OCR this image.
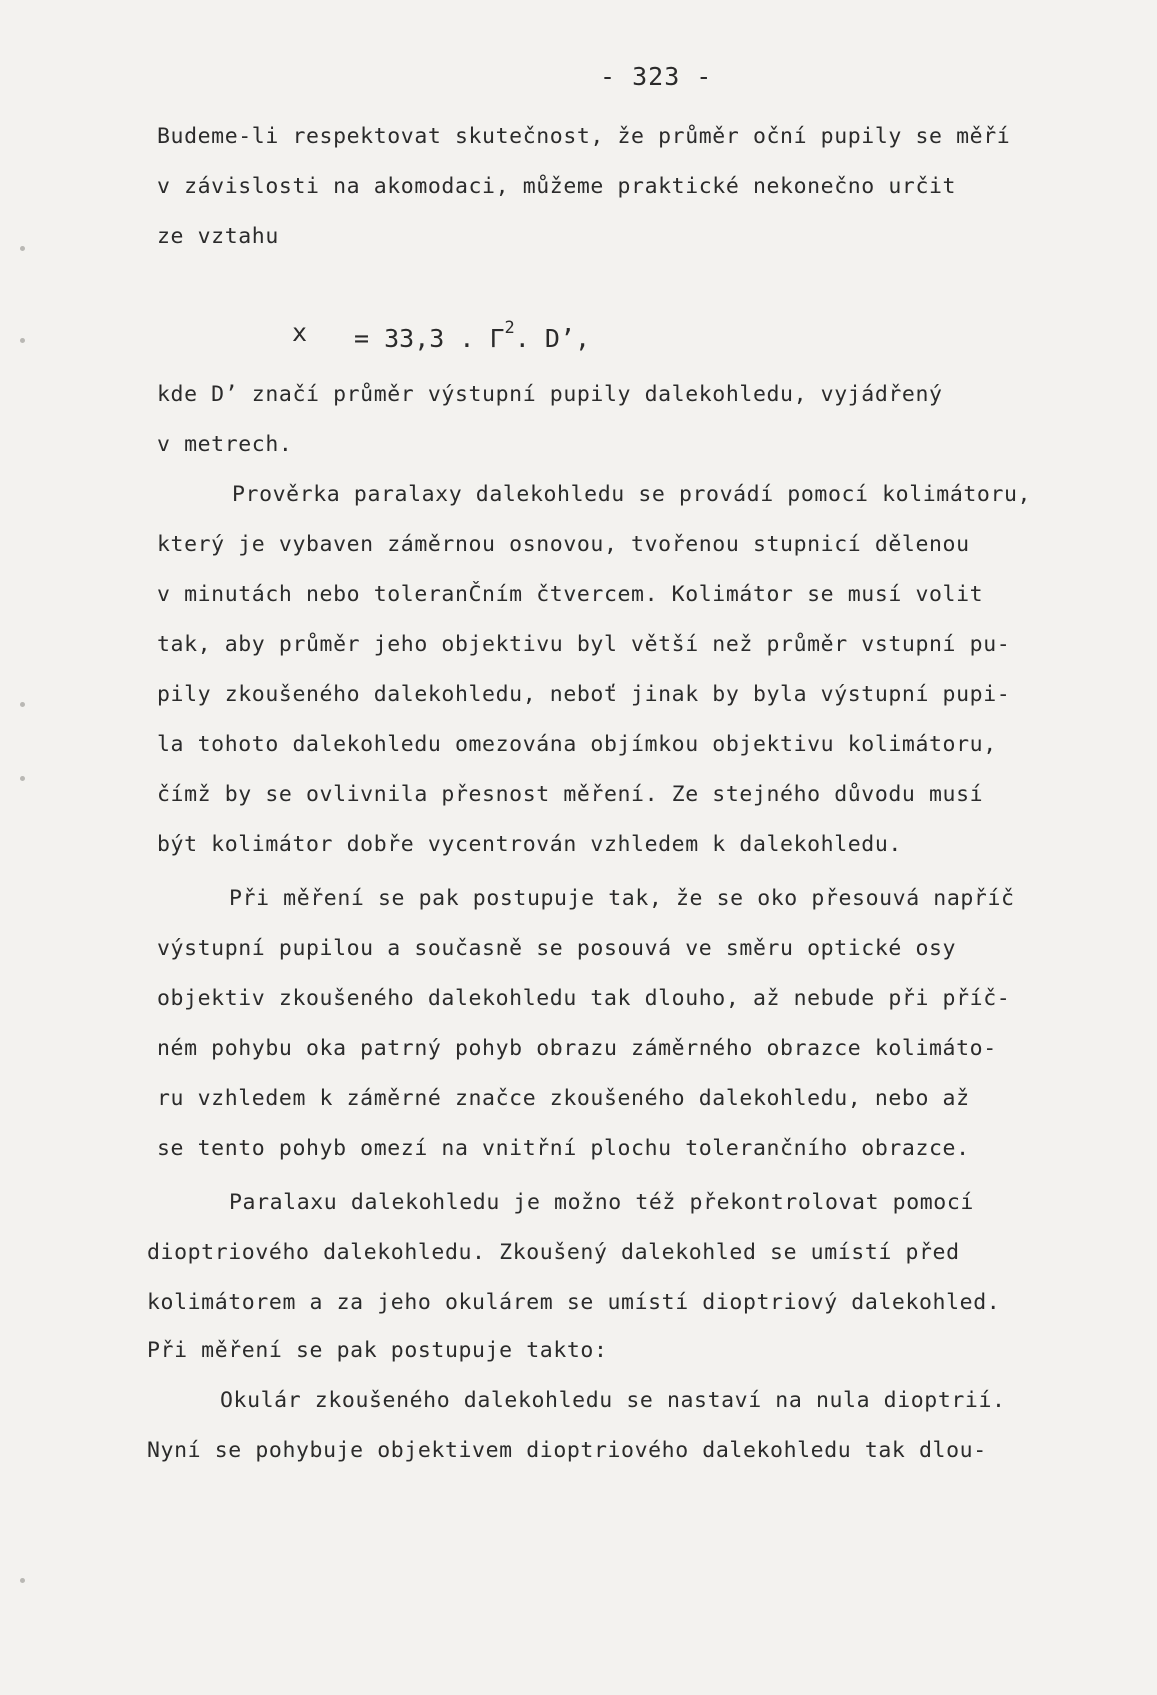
- 323 -
Budeme-li respektovat skutečnost, že průměr oční pupily se měří
v závislosti na akomodaci, můžeme praktické nekonečno určit
ze vztahu
x = 33,3 . $\Gamma^2$. D’,
kde D’ značí průměr výstupní pupily dalekohledu, vyjádřený
v metrech.
Prověrka paralaxy dalekohledu se provádí pomocí kolimátoru,
který je vybaven záměrnou osnovou, tvořenou stupnicí dělenou
v minutách nebo toleranČním čtvercem. Kolimátor se musí volit
tak, aby průměr jeho objektivu byl větší než průměr vstupní pu-
pily zkoušeného dalekohledu, neboť jinak by byla výstupní pupi-
la tohoto dalekohledu omezována objímkou objektivu kolimátoru,
čímž by se ovlivnila přesnost měření. Ze stejného důvodu musí
být kolimátor dobře vycentrován vzhledem k dalekohledu.
Při měření se pak postupuje tak, že se oko přesouvá napříč
výstupní pupilou a současně se posouvá ve směru optické osy
objektiv zkoušeného dalekohledu tak dlouho, až nebude při příč-
ném pohybu oka patrný pohyb obrazu záměrného obrazce kolimáto-
ru vzhledem k záměrné značce zkoušeného dalekohledu, nebo až
se tento pohyb omezí na vnitřní plochu tolerančního obrazce.
Paralaxu dalekohledu je možno též překontrolovat pomocí
dioptriového dalekohledu. Zkoušený dalekohled se umístí před
kolimátorem a za jeho okulárem se umístí dioptriový dalekohled.
Při měření se pak postupuje takto:
Okulár zkoušeného dalekohledu se nastaví na nula dioptrií.
Nyní se pohybuje objektivem dioptriového dalekohledu tak dlou-
